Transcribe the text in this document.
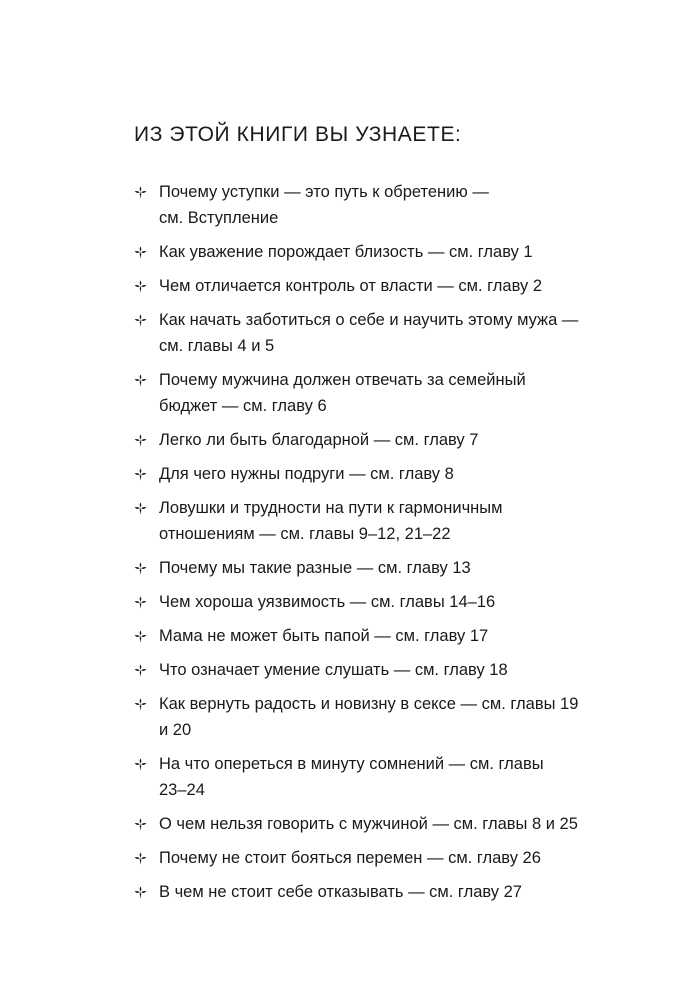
ИЗ ЭТОЙ КНИГИ ВЫ УЗНАЕТЕ:
Почему уступки — это путь к обретению —
см. Вступление
Как уважение порождает близость — см. главу 1
Чем отличается контроль от власти — см. главу 2
Как начать заботиться о себе и научить этому мужа —
см. главы 4 и 5
Почему мужчина должен отвечать за семейный
бюджет — см. главу 6
Легко ли быть благодарной — см. главу 7
Для чего нужны подруги — см. главу 8
Ловушки и трудности на пути к гармоничным
отношениям — см. главы 9–12, 21–22
Почему мы такие разные — см. главу 13
Чем хороша уязвимость — см. главы 14–16
Мама не может быть папой — см. главу 17
Что означает умение слушать — см. главу 18
Как вернуть радость и новизну в сексе — см. главы 19
и 20
На что опереться в минуту сомнений — см. главы
23–24
О чем нельзя говорить с мужчиной — см. главы 8 и 25
Почему не стоит бояться перемен — см. главу 26
В чем не стоит себе отказывать — см. главу 27
